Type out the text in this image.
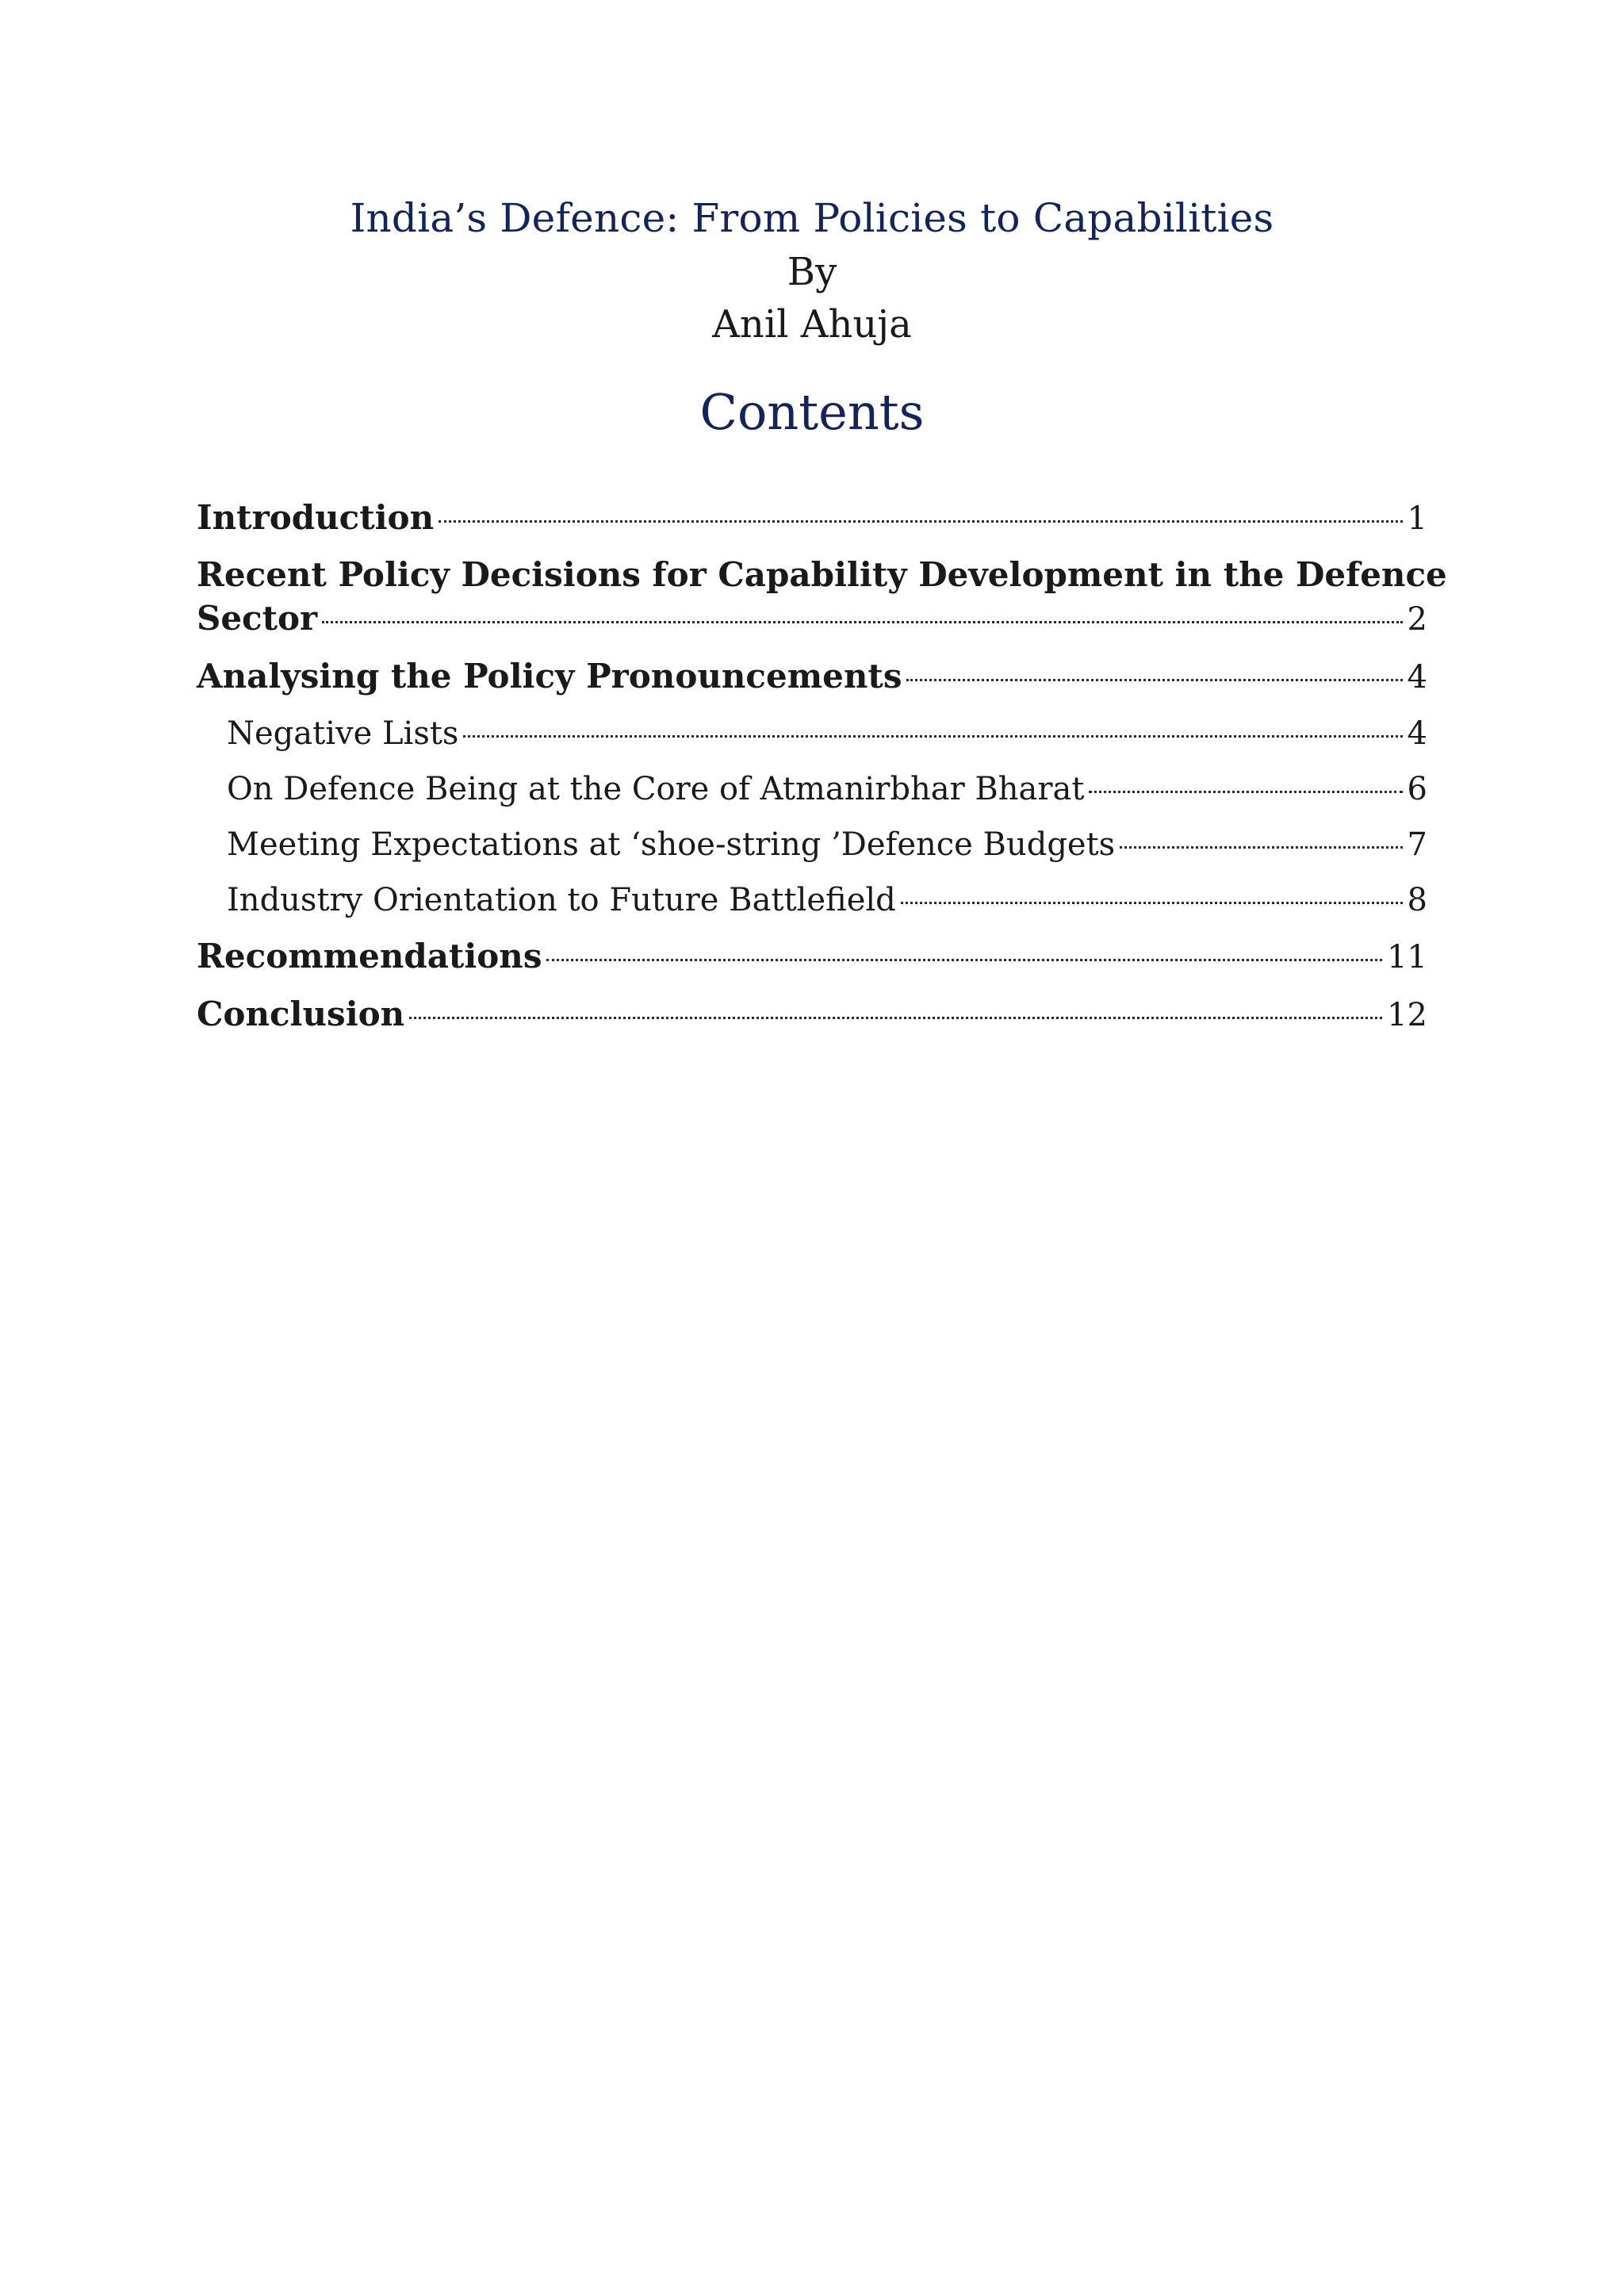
India’s Defence: From Policies to Capabilities
By
Anil Ahuja
Contents
Introduction	1
Recent Policy Decisions for Capability Development in the Defence
Sector	2
Analysing the Policy Pronouncements	4
Negative Lists	4
On Defence Being at the Core of Atmanirbhar Bharat	6
Meeting Expectations at ‘shoe-string ’Defence Budgets	7
Industry Orientation to Future Battlefield	8
Recommendations	11
Conclusion	12
